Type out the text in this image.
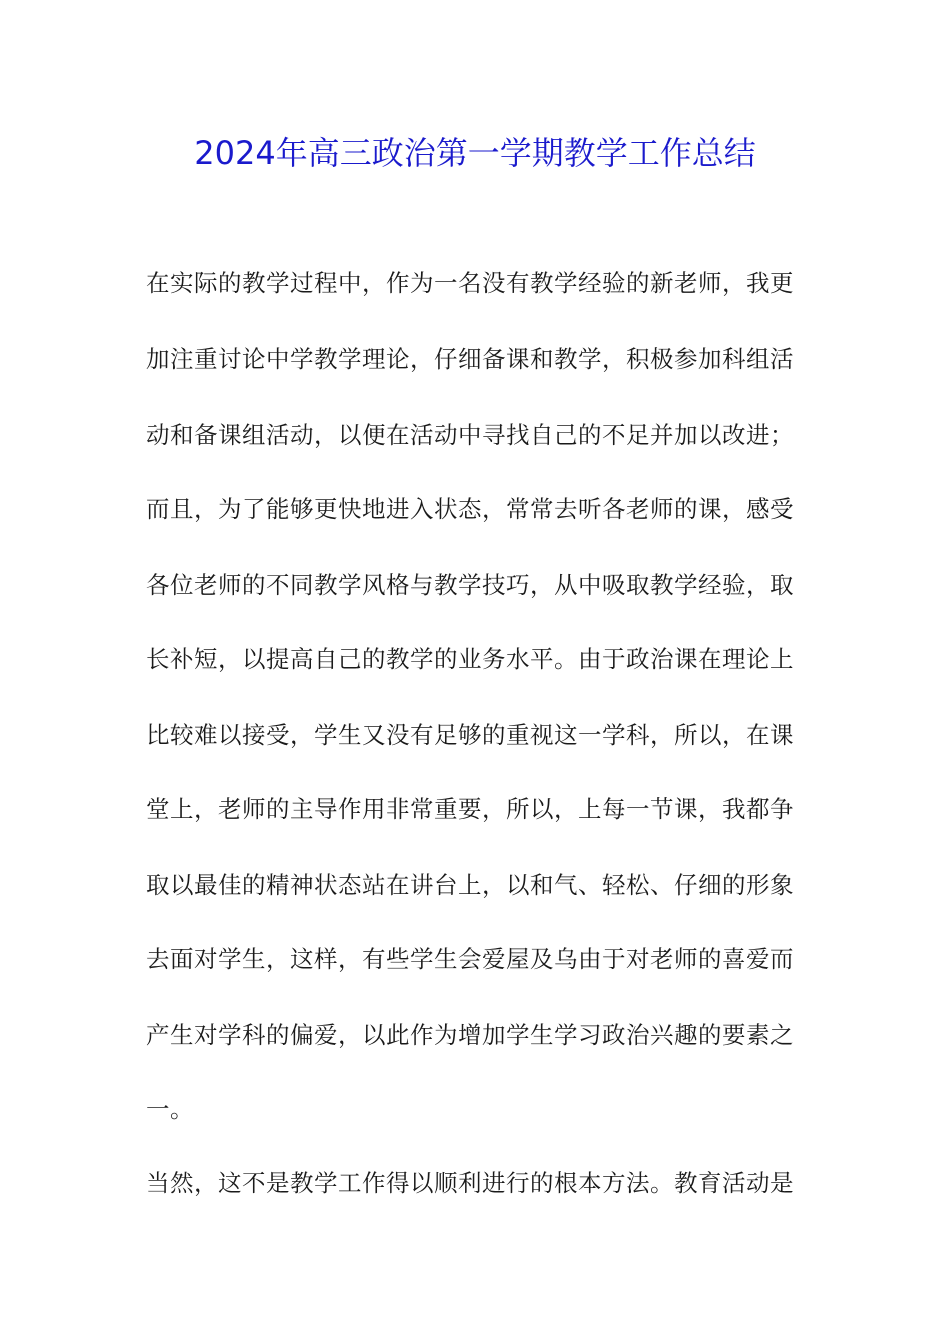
2024年高三政治第一学期教学工作总结
在实际的教学过程中，作为一名没有教学经验的新老师，我更
加注重讨论中学教学理论，仔细备课和教学，积极参加科组活
动和备课组活动，以便在活动中寻找自己的不足并加以改进；
而且，为了能够更快地进入状态，常常去听各老师的课，感受
各位老师的不同教学风格与教学技巧，从中吸取教学经验，取
长补短，以提高自己的教学的业务水平。由于政治课在理论上
比较难以接受，学生又没有足够的重视这一学科，所以，在课
堂上，老师的主导作用非常重要，所以，上每一节课，我都争
取以最佳的精神状态站在讲台上，以和气、轻松、仔细的形象
去面对学生，这样，有些学生会爱屋及乌由于对老师的喜爱而
产生对学科的偏爱，以此作为增加学生学习政治兴趣的要素之
一。
当然，这不是教学工作得以顺利进行的根本方法。教育活动是
